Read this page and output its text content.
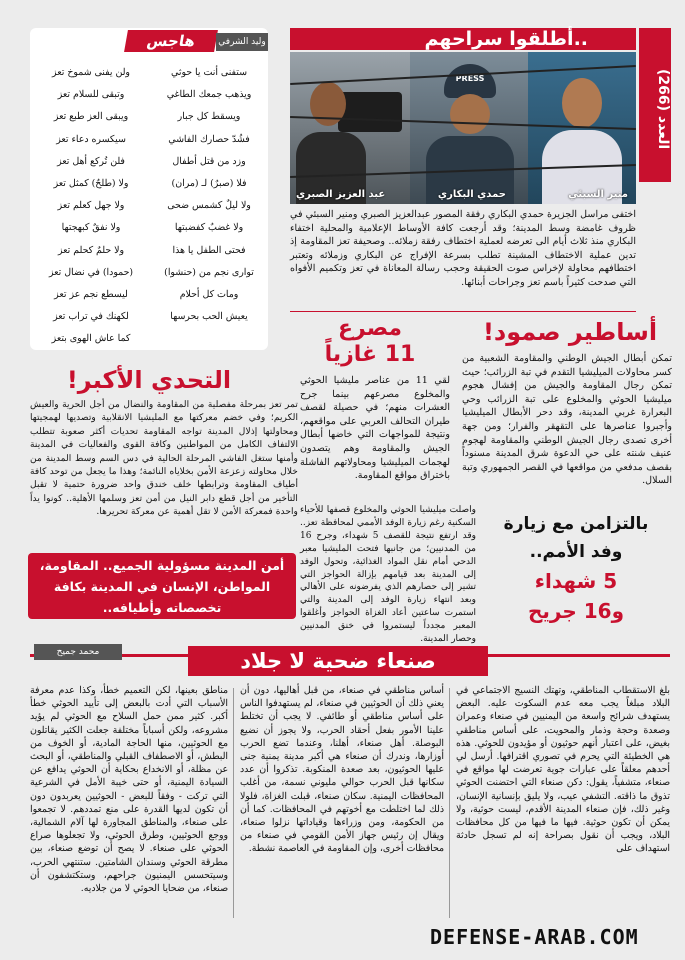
هاجس ثوري
وليد الشرفي
ستفنى أنت يا حوثي
ويذهب جمعك الطاغي
ويسقط كل جبار
فشُدّ حصارك الفاشي
وزد من قتل أطفال
فلا (صبرٌ) لـ (مران)
ولا ليلٌ كشمس ضحى
ولا غضبٌ كفضبتها
فحتى الطفل يا هذا
توارى نجم من (حنشوا)
ومات كل أحلام
يعيش الحب بحرسها
ولن يفنى شموخ تعز
وتبقى للسلام تعز
ويبقى العز طبع تعز
سيكسره دعاء تعز
فلن تُركع أهل تعز
ولا (طلحٌ) كمثل تعز
ولا جهل كعلم تعز
ولا نفقٌ كبهجتها
ولا حلمٌ كحلم تعز
(حمودا) في نضال تعز
ليسطع نجم عز تعز
لكهنك في تراب تعز
كما عاش الهوى بتعز
العدد (266)
أطلقوا سراحهم..
منير السبئي
PRESS
حمدي البكاري
عبد العزيز الصبري
اختفى مراسل الجزيرة حمدي البكاري رفقة المصور عبدالعزيز الصبري ومنير السبئي في ظروف غامضة وسط المدينة؛ وقد أرجعت كافة الأوساط الإعلامية والمحلية اختفاء البكاري منذ ثلاث أيام الى تعرضه لعملية اختطاف رفقة زملائه.. وصحيفة تعز المقاومة إذ تدين عملية الاختطاف المشينة تطلب بسرعة الإفراج عن البكاري وزملائه وتعتبر اختطافهم محاولة لإخراس صوت الحقيقة وحجب رسالة المعاناة في تعز وتكميم الأفواه التي صدحت كثيراً باسم تعز وجراحات أبنائها.
أساطير صمود!
تمكن أبطال الجيش الوطني والمقاومة الشعبية من كسر محاولات الميليشيا التقدم في تبة الزرائب؛ حيث تمكن رجال المقاومة والجيش من إفشال هجوم ميليشيا الحوثي والمخلوع على تبة الزرائب وحي البعرارة غربي المدينة، وقد دحر الأبطال الميليشيا وأجبروا عناصرها على التقهقر والفرار؛ ومن جهة أخرى تصدى رجال الجيش الوطني والمقاومة لهجوم عنيف شنته على حي الدعوة شرق المدينة مسنوداً بقصف مدفعي من مواقعها في القصر الجمهوري وتبة السلال.
مصرع 11 غازياً
لقي 11 من عناصر مليشيا الحوثي والمخلوع مصرعهم بينما جرح العشرات منهم؛ في حصيلة لقصف طيران التحالف العربي على مواقعهم، ونتيجة للمواجهات التي خاضها أبطال الجيش والمقاومة وهم يتصدون لهجمات الميليشيا ومحاولاتهم الفاشلة باختراق مواقع المقاومة.
التحدي الأكبر!
تمر تعز بمرحلة مفصلية من المقاومة والنضال من أجل الحرية والعيش الكريم؛ وفي خضم معركتها مع المليشيا الانقلابية وتصديها لهمجيتها ومحاولتها إذلال المدينة تواجه المقاومة تحديات أكثر صعوبة تتطلب الالتفاف الكامل من المواطنين وكافة القوى والفعاليات في المدينة وأمنها ستغل الفاشي المرحلة الحالية في دس السم وسط المدينة من خلال محاولته زعزعة الأمن بخلاياه النائمة؛ وهذا ما يجعل من توحد كافة أطياف المقاومة وترابطها خلف خندق واحد ضرورة حتمية لا تقبل التأخير من أجل قطع دابر النيل من أمن تعز وسلمها الأهلية.. كونوا يداً واحدة فمعركة الأمن لا تقل أهمية عن معركة تحريرها.
أمن المدينة مسؤولية الجميع.. المقاومة، المواطن، الإنسان في المدينة بكافة تخصصاته وأطيافه..
بالتزامن مع زيارة
وفد الأمم..
5 شهداء
و16 جريح
واصلت ميليشيا الحوثي والمخلوع قصفها للأحياء السكنية رغم زيارة الوفد الأممي لمحافظة تعز.. وقد ارتفع نتيجة للقصف 5 شهداء، وجرح 16 من المدنيين؛ من جانبها فتحت المليشيا معبر الدحي أمام نقل المواد الغذائية، وتحول الوفد إلى المدينة بعد قيامهم بإزالة الحواجز التي تشير إلى حصارهم الذي يفرضونه على الأهالي وبعد انتهاء زيارة الوفد إلى المدينة والتي استمرت ساعتين أعاد الغزاة الحواجز وأغلقوا المعبر مجدداً ليستمروا في خنق المدنيين وحصار المدينة.
محمد جميح	صنعاء ضحية لا جلاد
بلغ الاستقطاب المناطقي، وتهتك النسيج الاجتماعي في البلاد مبلغاً يجب معه عدم السكوت عليه. البعض يستهدف شرائح واسعة من اليمنيين في صنعاء وعمران وصعدة وحجة وذمار والمحويت، على أساس مناطقي بغيض، على اعتبار أنهم حوثيون أو مؤيدون للحوثي. هذه هي الخطيئة التي يحرم في تصوري اقترافها. أرسل لي أحدهم معلقاً على عبارات جوية تعرضت لها مواقع في صنعاء، متشفياً، يقول: دكن صنعاء التي احتضنت الحوثي تذوق ما ذاقته. التشفي عيب، ولا يليق بإنسانية الإنسان، وغير ذلك، فإن صنعاء المدينة الأقدم، ليست حوثية، ولا يمكن أن تكون حوثية. فيها ما فيها من كل محافظات البلاد، ويجب أن نقول بصراحة إنه لم تسجل حادثة استهداف على
أساس مناطقي في صنعاء، من قبل أهاليها، دون أن يعني ذلك أن الحوثيين في صنعاء، لم يستهدفوا الناس على أساس مناطقي أو طائفي. لا يجب أن تختلط علينا الأمور بفعل أحقاد الحرب، ولا يجوز أن نضيع البوصلة. أهل صنعاء، أهلنا، وعندما تضع الحرب أوزارها، وندرك أن صنعاء هي أكبر مدينة يمنية جنى عليها الحوثيون، بعد صعدة المنكوبة. تذكروا أن عدد سكانها قبل الحرب حوالي مليوني نسمة، من أغلب المحافظات اليمنية. سكان صنعاء، قبلت الغزاة، فلولا ذلك لما اختلطت مع أخوتهم في المحافظات. كما أن من الحكومة، ومن وزراءها وقياداتها نزلوا صنعاء، ويقال إن رئيس جهاز الأمن القومي في صنعاء من محافظات أخرى، وإن المقاومة في العاصمة نشطة.
مناطق بعينها، لكن التعميم خطأ، وكذا عدم معرفة الأسباب التي أدت بالبعض إلى تأييد الحوثي خطأ أكبر. كثير ممن حمل السلاح مع الحوثي لم يؤيد مشروعه، ولكن أسباباً مختلفة جعلت الكثير يقاتلون مع الحوثيين، منها الحاجة المادية، أو الخوف من البطش، أو الاصطفاف القبلي والمناطقي، أو البحث عن مظلة، أو الانخداع بحكاية أن الحوثي يدافع عن السيادة اليمنية، أو حتى خيبة الأمل في الشرعية التي تركت - وفقاً للبعض - الحوثيين يعربدون دون أن تكون لديها القدرة على منع تمددهم. لا تجمعوا على صنعاء، والمناطق المجاورة لها آلام الشمالية، ووجع الحوثيين، وطرق الحوثي، ولا تجعلوها صراع الحوثي على صنعاء. لا يصح أن توضع صنعاء، بين مطرقة الحوثي وسندان الشامتين. ستنتهي الحرب، وسيتحسس اليمنيون جراحهم، وستكتشفون أن صنعاء، من ضحايا الحوثي لا من جلاديه.
DEFENSE-ARAB.COM
